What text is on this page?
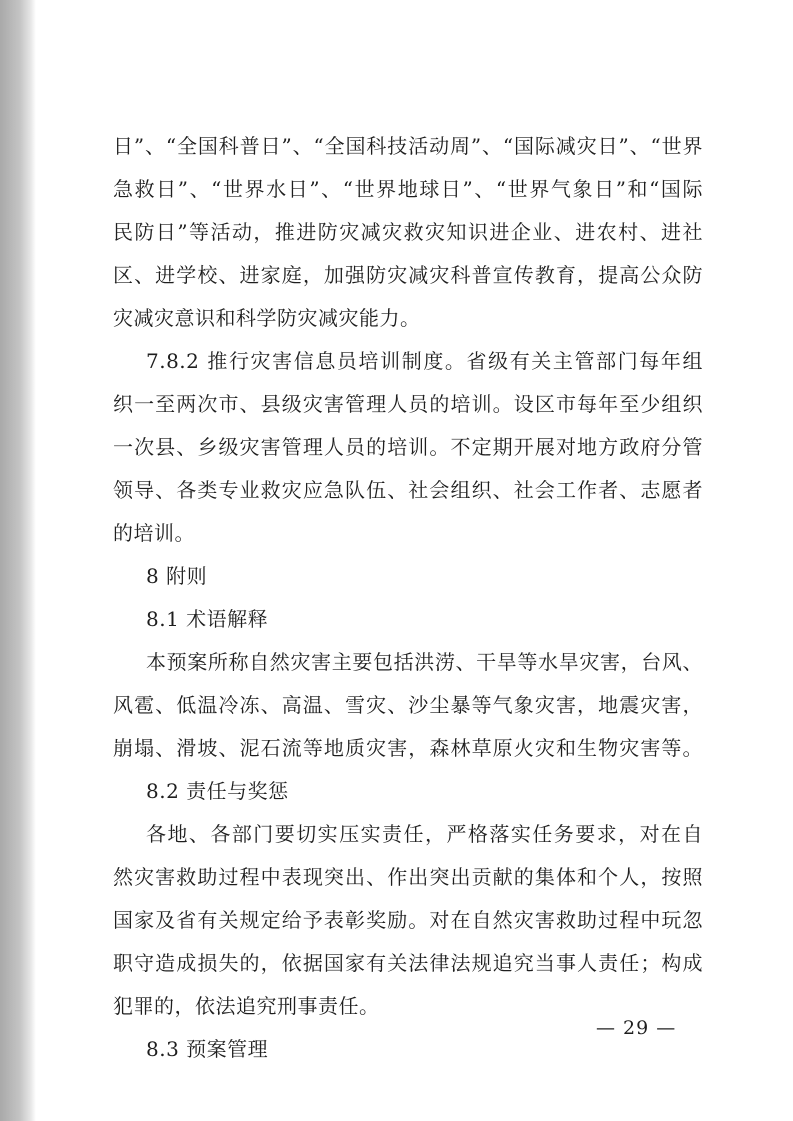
日”、“全国科普日”、“全国科技活动周”、“国际减灾日”、“世界
急救日”、“世界水日”、“世界地球日”、“世界气象日”和“国际
民防日”等活动，推进防灾减灾救灾知识进企业、进农村、进社
区、进学校、进家庭，加强防灾减灾科普宣传教育，提高公众防
灾减灾意识和科学防灾减灾能力。
7.8.2 推行灾害信息员培训制度。省级有关主管部门每年组
织一至两次市、县级灾害管理人员的培训。设区市每年至少组织
一次县、乡级灾害管理人员的培训。不定期开展对地方政府分管
领导、各类专业救灾应急队伍、社会组织、社会工作者、志愿者
的培训。
8 附则
8.1 术语解释
本预案所称自然灾害主要包括洪涝、干旱等水旱灾害，台风、
风雹、低温冷冻、高温、雪灾、沙尘暴等气象灾害，地震灾害，
崩塌、滑坡、泥石流等地质灾害，森林草原火灾和生物灾害等。
8.2 责任与奖惩
各地、各部门要切实压实责任，严格落实任务要求，对在自
然灾害救助过程中表现突出、作出突出贡献的集体和个人，按照
国家及省有关规定给予表彰奖励。对在自然灾害救助过程中玩忽
职守造成损失的，依据国家有关法律法规追究当事人责任；构成
犯罪的，依法追究刑事责任。
8.3 预案管理
— 29 —
